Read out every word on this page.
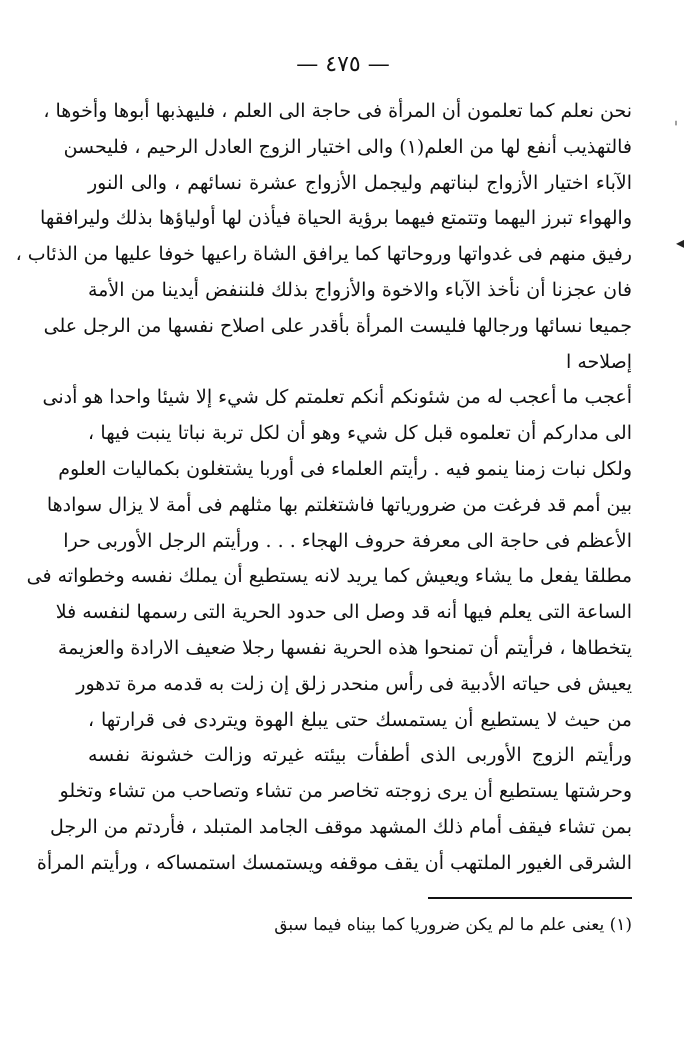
— ٤٧٥ —
نحن نعلم كما تعلمون أن المرأة فى حاجة الى العلم ، فليهذبها أبوها وأخوها ،
فالتهذيب أنفع لها من العلم(١) والى اختيار الزوج العادل الرحيم ، فليحسن
الآباء اختيار الأزواج لبناتهم وليجمل الأزواج عشرة نسائهم ، والى النور
والهواء تبرز اليهما وتتمتع فيهما برؤية الحياة فيأذن لها أولياؤها بذلك وليرافقها
رفيق منهم فى غدواتها وروحاتها كما يرافق الشاة راعيها خوفا عليها من الذئاب ،
فان عجزنا أن نأخذ الآباء والاخوة والأزواج بذلك فلننفض أيدينا من الأمة
جميعا نسائها ورجالها فليست المرأة بأقدر على اصلاح نفسها من الرجل على
إصلاحه ا
أعجب ما أعجب له من شئونكم أنكم تعلمتم كل شيء إلا شيئا واحدا هو أدنى
الى مداركم أن تعلموه قبل كل شيء وهو أن لكل تربة نباتا ينبت فيها ،
ولكل نبات زمنا ينمو فيه . رأيتم العلماء فى أوربا يشتغلون بكماليات العلوم
بين أمم قد فرغت من ضرورياتها فاشتغلتم بها مثلهم فى أمة لا يزال سوادها
الأعظم فى حاجة الى معرفة حروف الهجاء . . . ورأيتم الرجل الأوربى حرا
مطلقا يفعل ما يشاء ويعيش كما يريد لانه يستطيع أن يملك نفسه وخطواته فى
الساعة التى يعلم فيها أنه قد وصل الى حدود الحرية التى رسمها لنفسه فلا
يتخطاها ، فرأيتم أن تمنحوا هذه الحرية نفسها رجلا ضعيف الارادة والعزيمة
يعيش فى حياته الأدبية فى رأس منحدر زلق إن زلت به قدمه مرة تدهور
من حيث لا يستطيع أن يستمسك حتى يبلغ الهوة ويتردى فى قرارتها ،
ورأيتم الزوج الأوربى الذى أطفأت بيئته غيرته وزالت خشونة نفسه
وحرشتها يستطيع أن يرى زوجته تخاصر من تشاء وتصاحب من تشاء وتخلو
بمن تشاء فيقف أمام ذلك المشهد موقف الجامد المتبلد ، فأردتم من الرجل
الشرقى الغيور الملتهب أن يقف موقفه ويستمسك استمساكه ، ورأيتم المرأة
(١) يعنى علم ما لم يكن ضروريا كما بيناه فيما سبق
◂
